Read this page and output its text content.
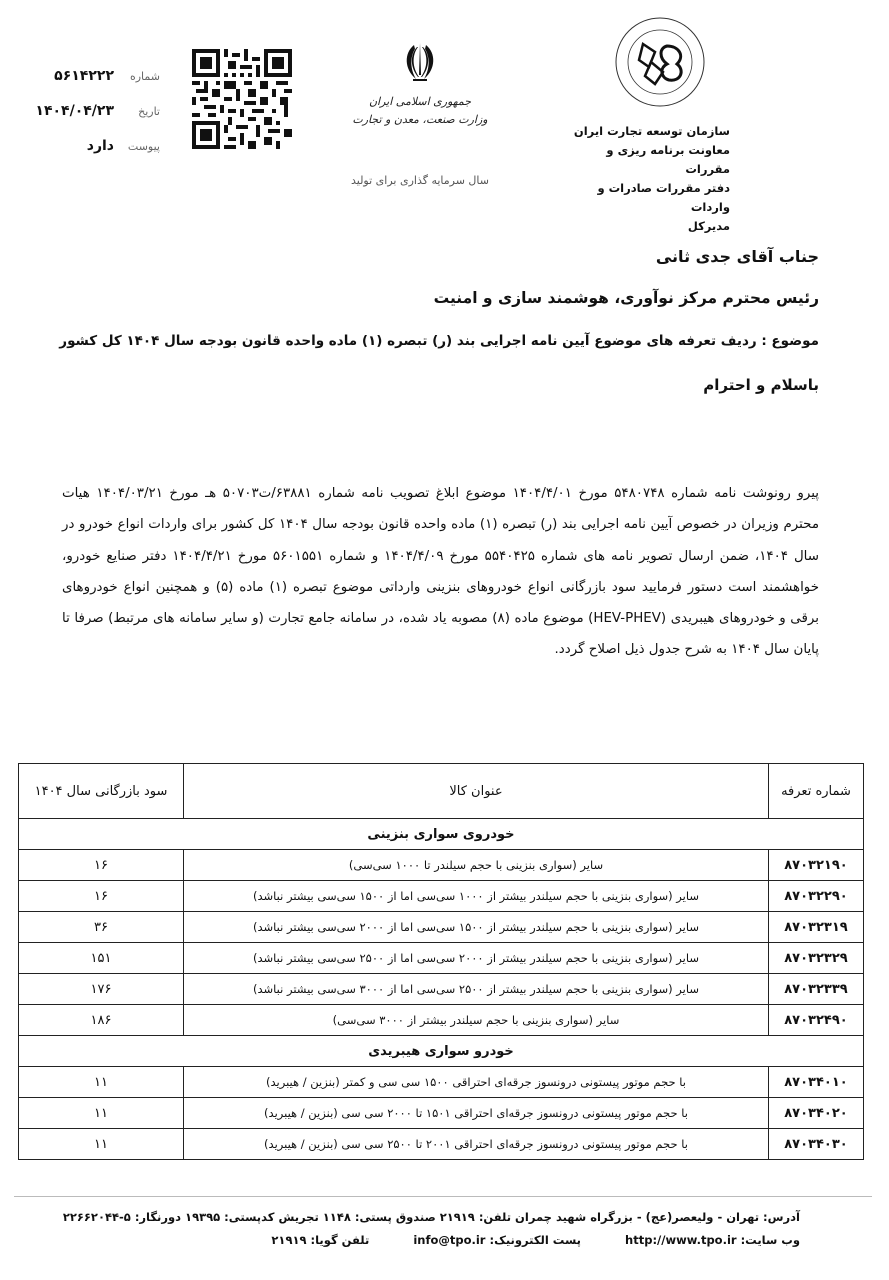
شماره
۵۶۱۴۲۲۲
تاریخ
۱۴۰۴/۰۴/۲۳
پیوست
دارد
جمهوری اسلامی ایران
وزارت صنعت، معدن و تجارت
سال سرمایه گذاری برای تولید
سازمان توسعه تجارت ایران
معاونت برنامه ریزی و مقررات
دفتر مقررات صادرات و واردات
مدیرکل
جناب آقای جدی ثانی
رئیس محترم مرکز نوآوری، هوشمند سازی و امنیت
موضوع : ردیف تعرفه های موضوع آیین نامه اجرایی بند (ر) تبصره (۱) ماده واحده قانون بودجه سال ۱۴۰۴ کل کشور
باسلام و احترام
پیرو رونوشت نامه شماره ۵۴۸۰۷۴۸ مورخ ۱۴۰۴/۴/۰۱ موضوع ابلاغ تصویب نامه شماره ۶۳۸۸۱/ت۵۰۷۰۳ هـ مورخ ۱۴۰۴/۰۳/۲۱ هیات محترم وزیران در خصوص آیین نامه اجرایی بند (ر) تبصره (۱) ماده واحده قانون بودجه سال ۱۴۰۴ کل کشور برای واردات انواع خودرو در سال ۱۴۰۴، ضمن ارسال تصویر نامه های شماره ۵۵۴۰۴۲۵ مورخ ۱۴۰۴/۴/۰۹ و شماره ۵۶۰۱۵۵۱ مورخ ۱۴۰۴/۴/۲۱ دفتر صنایع خودرو، خواهشمند است دستور فرمایید سود بازرگانی انواع خودروهای بنزینی وارداتی موضوع تبصره (۱) ماده (۵) و همچنین انواع خودروهای برقی و خودروهای هیبریدی (HEV-PHEV) موضوع ماده (۸) مصوبه یاد شده، در سامانه جامع تجارت (و سایر سامانه های مرتبط) صرفا تا پایان سال ۱۴۰۴ به شرح جدول ذیل اصلاح گردد.
شماره تعرفه	عنوان کالا	سود بازرگانی سال ۱۴۰۴
خودروی سواری بنزینی		
۸۷۰۳۲۱۹۰	سایر (سواری بنزینی با حجم سیلندر تا ۱۰۰۰ سی‌سی)	۱۶
۸۷۰۳۲۲۹۰	سایر (سواری بنزینی با حجم سیلندر بیشتر از ۱۰۰۰ سی‌سی اما از ۱۵۰۰ سی‌سی بیشتر نباشد)	۱۶
۸۷۰۳۲۳۱۹	سایر (سواری بنزینی با حجم سیلندر بیشتر از ۱۵۰۰ سی‌سی اما از ۲۰۰۰ سی‌سی بیشتر نباشد)	۳۶
۸۷۰۳۲۳۲۹	سایر (سواری بنزینی با حجم سیلندر بیشتر از ۲۰۰۰ سی‌سی اما از ۲۵۰۰ سی‌سی بیشتر نباشد)	۱۵۱
۸۷۰۳۲۳۳۹	سایر (سواری بنزینی با حجم سیلندر بیشتر از ۲۵۰۰ سی‌سی اما از ۳۰۰۰ سی‌سی بیشتر نباشد)	۱۷۶
۸۷۰۳۲۴۹۰	سایر (سواری بنزینی با حجم سیلندر بیشتر از ۳۰۰۰ سی‌سی)	۱۸۶
خودرو سواری هیبریدی		
۸۷۰۳۴۰۱۰	با حجم موتور پیستونی درونسوز جرقه‌ای احتراقی ۱۵۰۰ سی سی و کمتر (بنزین / هیبرید)	۱۱
۸۷۰۳۴۰۲۰	با حجم موتور پیستونی درونسوز جرقه‌ای احتراقی ۱۵۰۱ تا ۲۰۰۰ سی سی (بنزین / هیبرید)	۱۱
۸۷۰۳۴۰۳۰	با حجم موتور پیستونی درونسوز جرقه‌ای احتراقی ۲۰۰۱ تا ۲۵۰۰ سی سی (بنزین / هیبرید)	۱۱
آدرس: تهران - ولیعصر(عج) - بزرگراه شهید چمران تلفن: ۲۱۹۱۹ صندوق پستی: ۱۱۴۸ تجریش کدپستی: ۱۹۳۹۵ دورنگار: ۵-۲۲۶۶۲۰۴۴
وب سایت: http://www.tpo.ir پست الکترونیک: info@tpo.ir تلفن گویا: ۲۱۹۱۹
